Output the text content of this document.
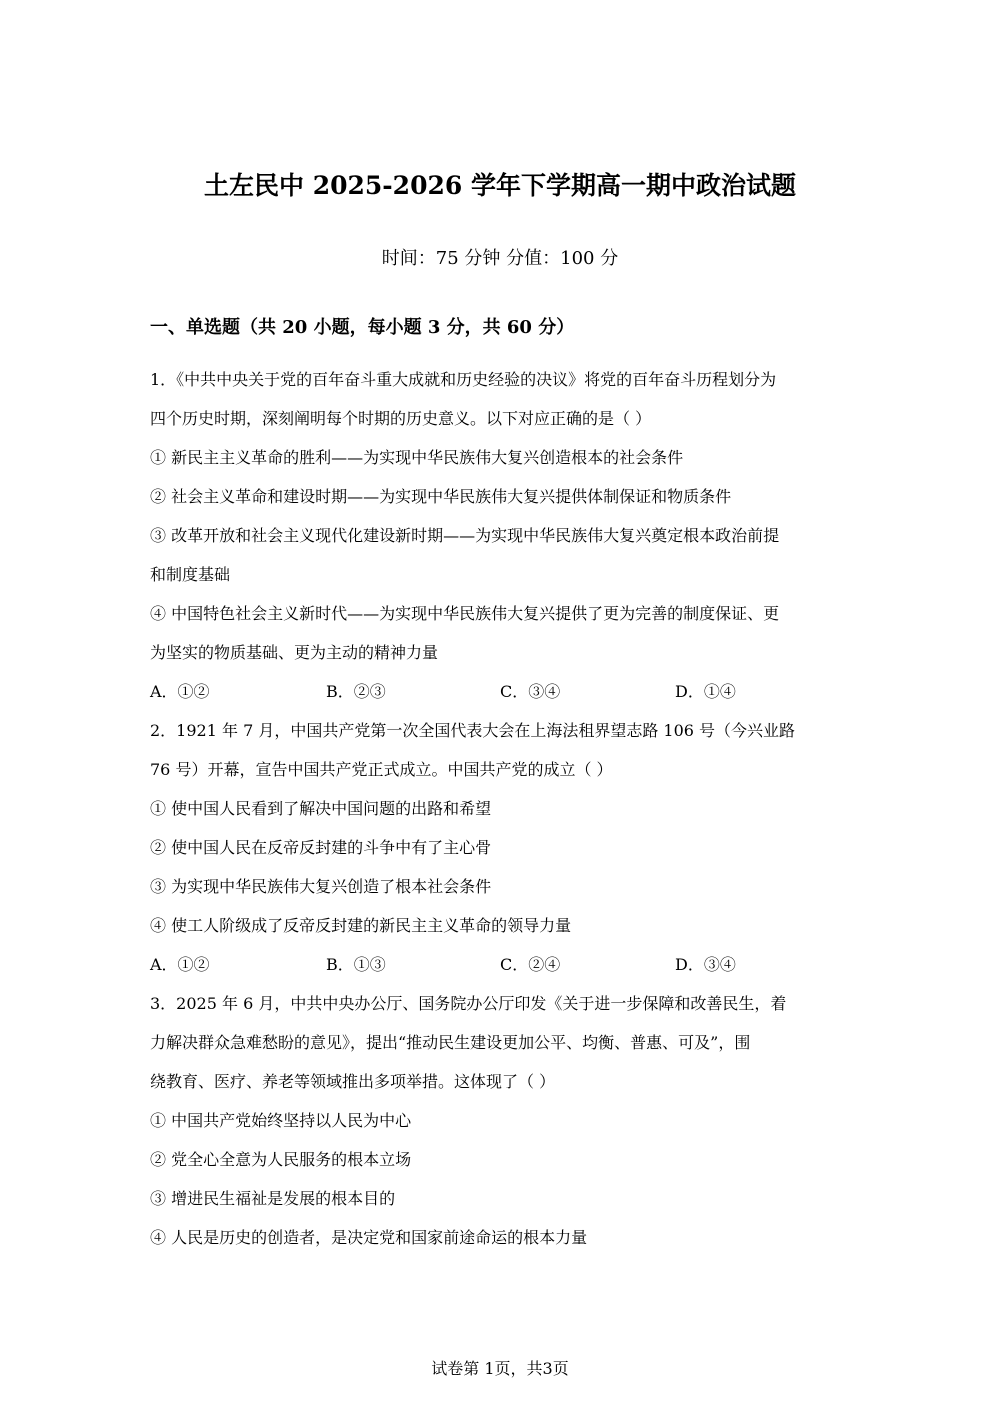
土左民中 2025-2026 学年下学期高一期中政治试题
时间：75 分钟 分值：100 分
一、单选题（共 20 小题，每小题 3 分，共 60 分）
1．《中共中央关于党的百年奋斗重大成就和历史经验的决议》将党的百年奋斗历程划分为
四个历史时期，深刻阐明每个时期的历史意义。以下对应正确的是（ ）
① 新民主主义革命的胜利——为实现中华民族伟大复兴创造根本的社会条件
② 社会主义革命和建设时期——为实现中华民族伟大复兴提供体制保证和物质条件
③ 改革开放和社会主义现代化建设新时期——为实现中华民族伟大复兴奠定根本政治前提
和制度基础
④ 中国特色社会主义新时代——为实现中华民族伟大复兴提供了更为完善的制度保证、更
为坚实的物质基础、更为主动的精神力量
A．①②	B．②③	C．③④	D．①④
2．1921 年 7 月，中国共产党第一次全国代表大会在上海法租界望志路 106 号（今兴业路
76 号）开幕，宣告中国共产党正式成立。中国共产党的成立（ ）
① 使中国人民看到了解决中国问题的出路和希望
② 使中国人民在反帝反封建的斗争中有了主心骨
③ 为实现中华民族伟大复兴创造了根本社会条件
④ 使工人阶级成了反帝反封建的新民主主义革命的领导力量
A．①②	B．①③	C．②④	D．③④
3．2025 年 6 月，中共中央办公厅、国务院办公厅印发《关于进一步保障和改善民生，着
力解决群众急难愁盼的意见》，提出“推动民生建设更加公平、均衡、普惠、可及”，围
绕教育、医疗、养老等领域推出多项举措。这体现了（ ）
① 中国共产党始终坚持以人民为中心
② 党全心全意为人民服务的根本立场
③ 增进民生福祉是发展的根本目的
④ 人民是历史的创造者，是决定党和国家前途命运的根本力量
试卷第 1页，共3页
